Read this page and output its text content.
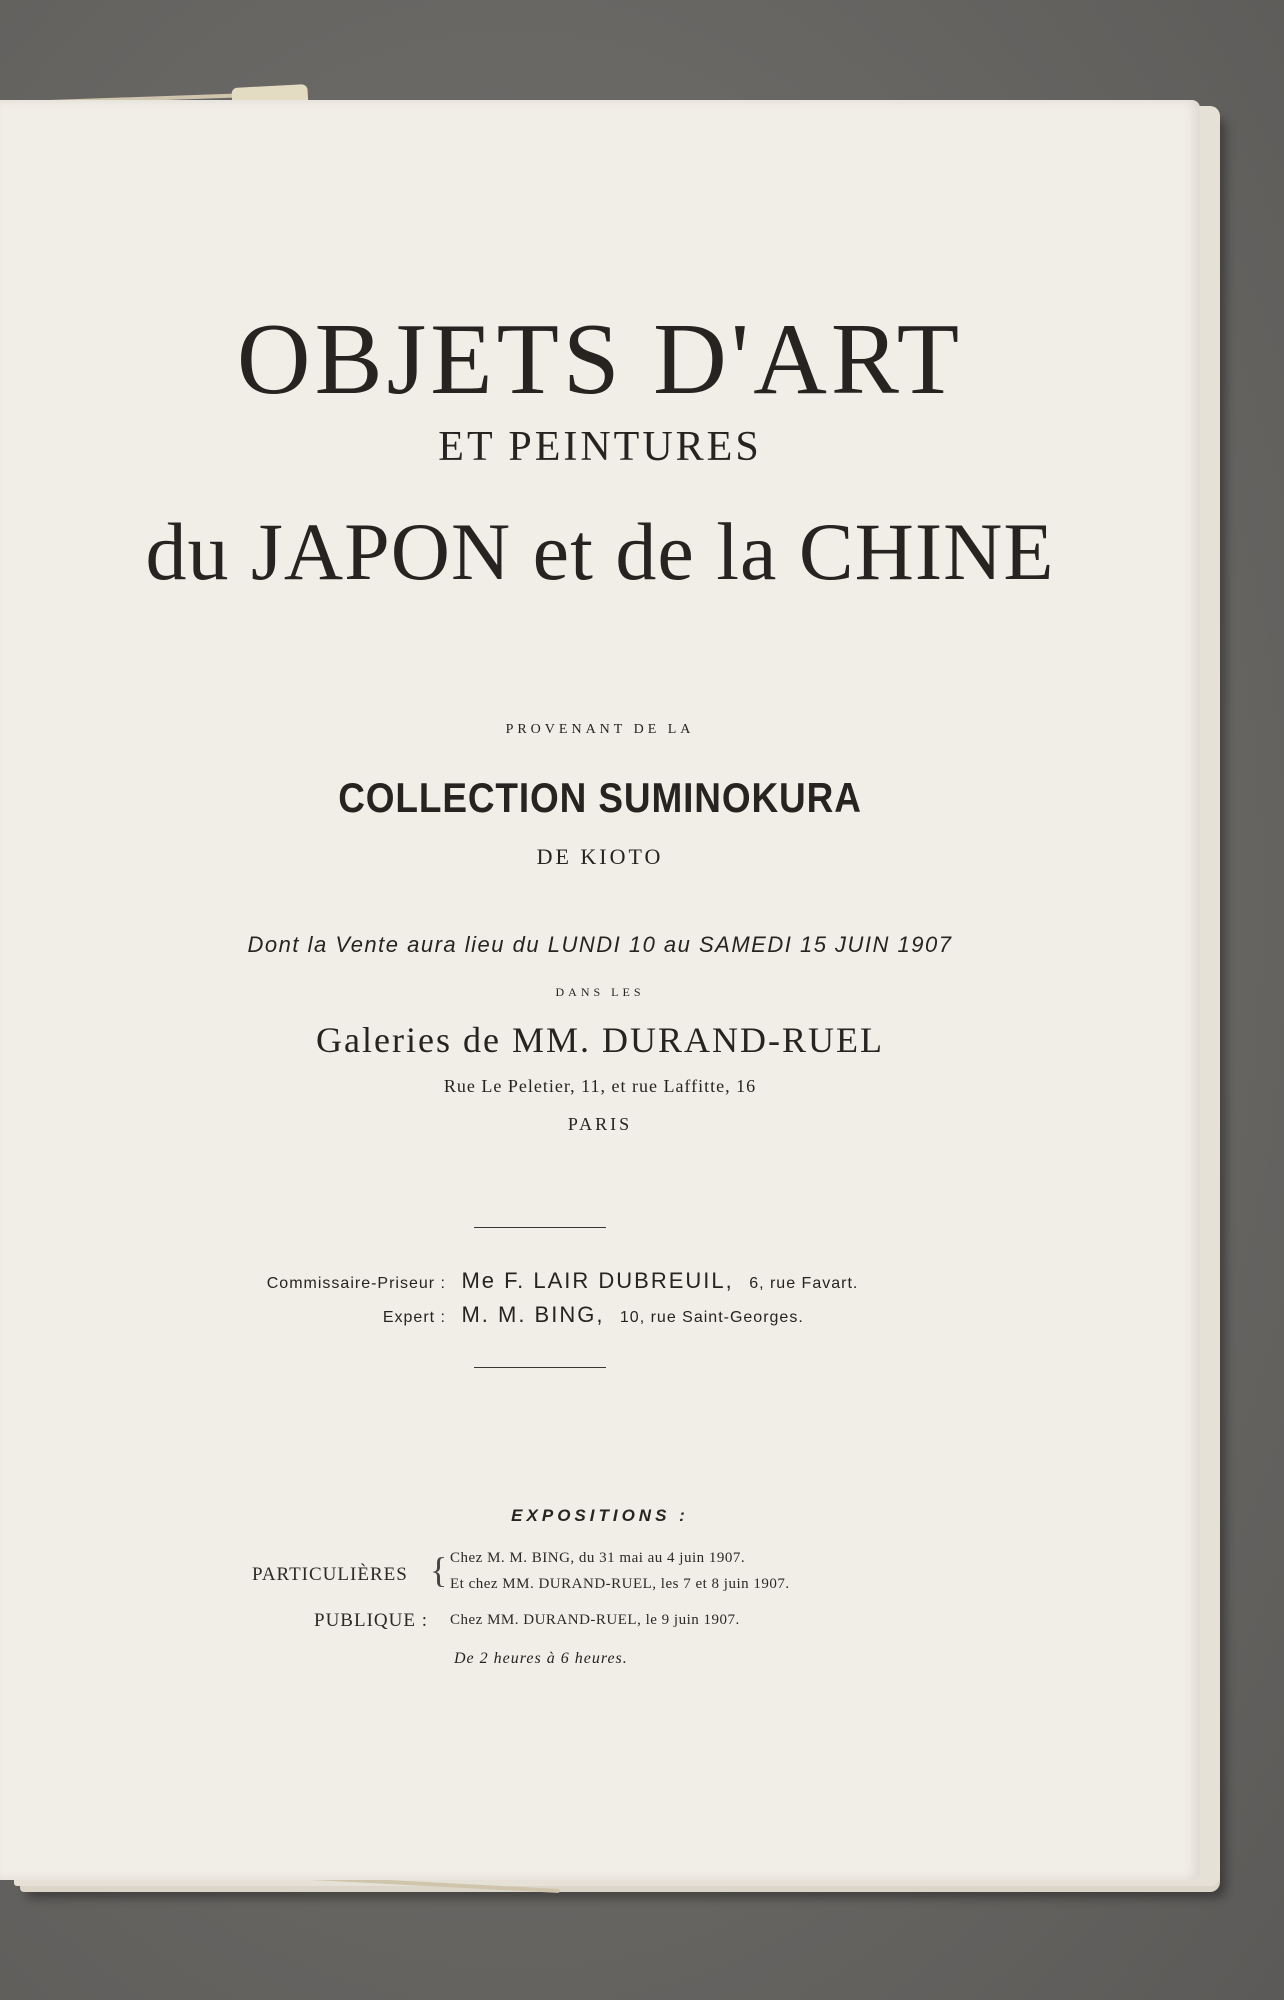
OBJETS D'ART
ET PEINTURES
du JAPON et de la CHINE
PROVENANT DE LA
COLLECTION SUMINOKURA
DE KIOTO
Dont la Vente aura lieu du LUNDI 10 au SAMEDI 15 JUIN 1907
DANS LES
Galeries de MM. DURAND-RUEL
Rue Le Peletier, 11, et rue Laffitte, 16
PARIS
Commissaire-Priseur : Me F. LAIR DUBREUIL, 6, rue Favart.
Expert : M. M. BING, 10, rue Saint-Georges.
EXPOSITIONS :
PARTICULIÈRES { Chez M. M. BING, du 31 mai au 4 juin 1907.
Et chez MM. DURAND-RUEL, les 7 et 8 juin 1907.
PUBLIQUE : Chez MM. DURAND-RUEL, le 9 juin 1907.
De 2 heures à 6 heures.
